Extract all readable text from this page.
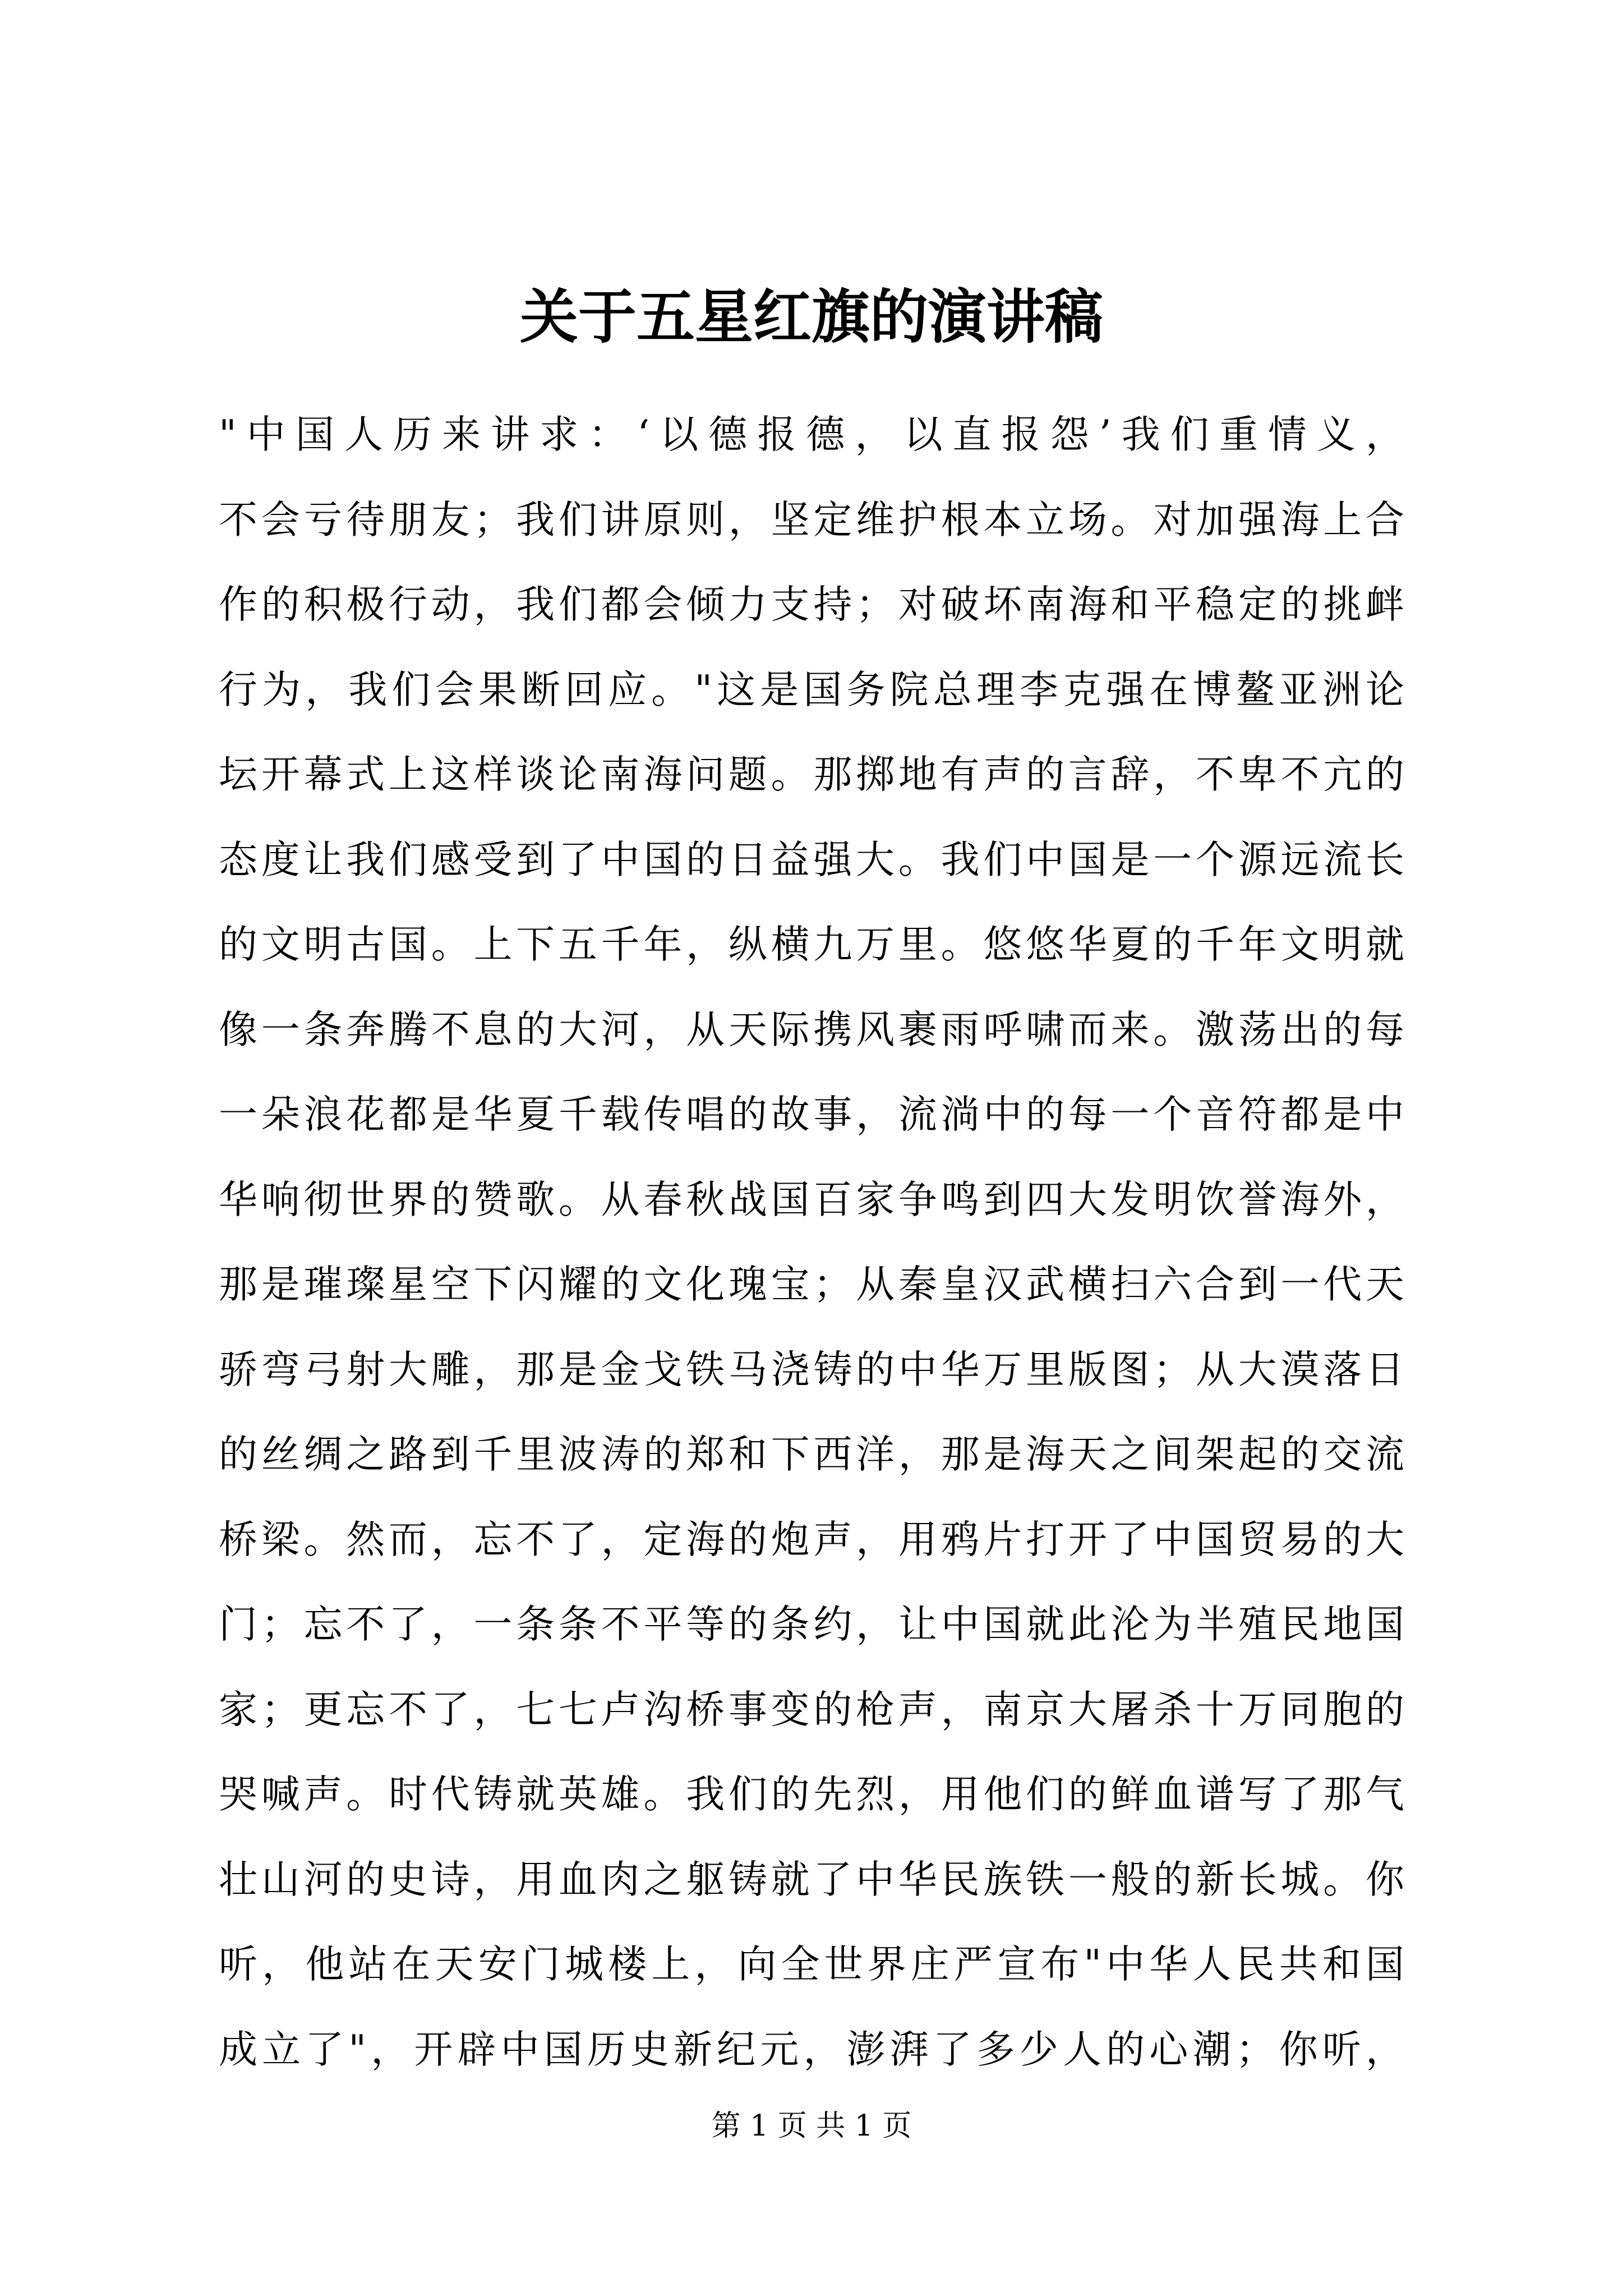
关于五星红旗的演讲稿
"中国人历来讲求：‘以德报德，以直报怨’我们重情义，
不会亏待朋友；我们讲原则，坚定维护根本立场。对加强海上合
作的积极行动，我们都会倾力支持；对破坏南海和平稳定的挑衅
行为，我们会果断回应。"这是国务院总理李克强在博鳌亚洲论
坛开幕式上这样谈论南海问题。那掷地有声的言辞，不卑不亢的
态度让我们感受到了中国的日益强大。我们中国是一个源远流长
的文明古国。上下五千年，纵横九万里。悠悠华夏的千年文明就
像一条奔腾不息的大河，从天际携风裹雨呼啸而来。激荡出的每
一朵浪花都是华夏千载传唱的故事，流淌中的每一个音符都是中
华响彻世界的赞歌。从春秋战国百家争鸣到四大发明饮誉海外，
那是璀璨星空下闪耀的文化瑰宝；从秦皇汉武横扫六合到一代天
骄弯弓射大雕，那是金戈铁马浇铸的中华万里版图；从大漠落日
的丝绸之路到千里波涛的郑和下西洋，那是海天之间架起的交流
桥梁。然而，忘不了，定海的炮声，用鸦片打开了中国贸易的大
门；忘不了，一条条不平等的条约，让中国就此沦为半殖民地国
家；更忘不了，七七卢沟桥事变的枪声，南京大屠杀十万同胞的
哭喊声。时代铸就英雄。我们的先烈，用他们的鲜血谱写了那气
壮山河的史诗，用血肉之躯铸就了中华民族铁一般的新长城。你
听，他站在天安门城楼上，向全世界庄严宣布"中华人民共和国
成立了"，开辟中国历史新纪元，澎湃了多少人的心潮；你听，
第 1 页 共 1 页
